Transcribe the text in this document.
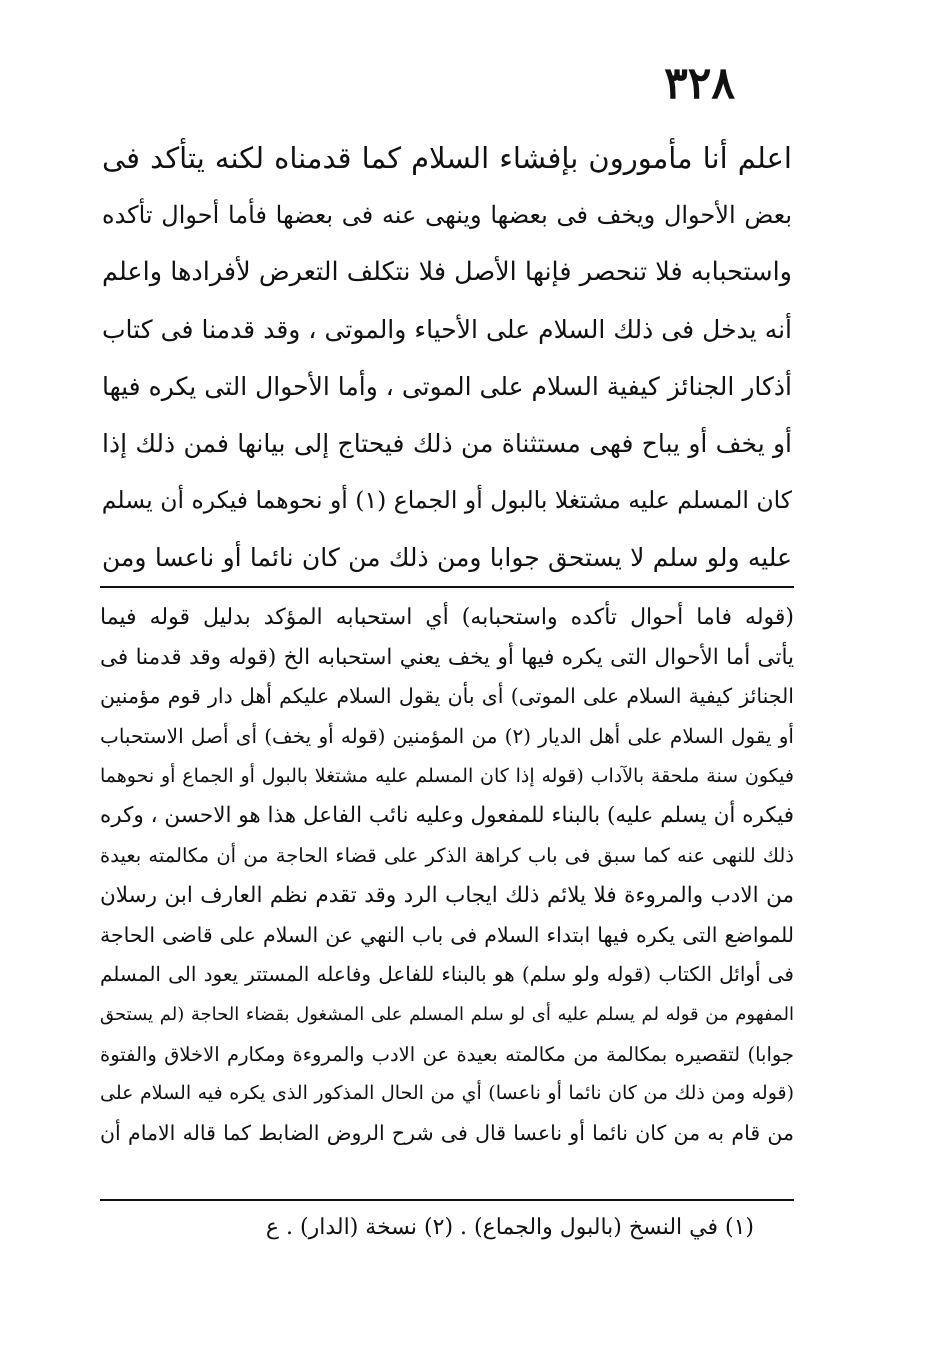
٣٢٨
اعلم أنا مأمورون بإفشاء السلام كما قدمناه لكنه يتأكد فى
بعض الأحوال ويخف فى بعضها وينهى عنه فى بعضها فأما أحوال تأكده
واستحبابه فلا تنحصر فإنها الأصل فلا نتكلف التعرض لأفرادها واعلم
أنه يدخل فى ذلك السلام على الأحياء والموتى ، وقد قدمنا فى كتاب
أذكار الجنائز كيفية السلام على الموتى ، وأما الأحوال التى يكره فيها
أو يخف أو يباح فهى مستثناة من ذلك فيحتاج إلى بيانها فمن ذلك إذا
كان المسلم عليه مشتغلا بالبول أو الجماع (١) أو نحوهما فيكره أن يسلم
عليه ولو سلم لا يستحق جوابا ومن ذلك من كان نائما أو ناعسا ومن
(قوله فاما أحوال تأكده واستحبابه) أي استحبابه المؤكد بدليل قوله فيما
يأتى أما الأحوال التى يكره فيها أو يخف يعني استحبابه الخ (قوله وقد قدمنا فى
الجنائز كيفية السلام على الموتى) أى بأن يقول السلام عليكم أهل دار قوم مؤمنين
أو يقول السلام على أهل الديار (٢) من المؤمنين (قوله أو يخف) أى أصل الاستحباب
فيكون سنة ملحقة بالآداب (قوله إذا كان المسلم عليه مشتغلا بالبول أو الجماع أو نحوهما
فيكره أن يسلم عليه) بالبناء للمفعول وعليه نائب الفاعل هذا هو الاحسن ، وكره
ذلك للنهى عنه كما سبق فى باب كراهة الذكر على قضاء الحاجة من أن مكالمته بعيدة
من الادب والمروءة فلا يلائم ذلك ايجاب الرد وقد تقدم نظم العارف ابن رسلان
للمواضع التى يكره فيها ابتداء السلام فى باب النهي عن السلام على قاضى الحاجة
فى أوائل الكتاب (قوله ولو سلم) هو بالبناء للفاعل وفاعله المستتر يعود الى المسلم
المفهوم من قوله لم يسلم عليه أى لو سلم المسلم على المشغول بقضاء الحاجة (لم يستحق
جوابا) لتقصيره بمكالمة من مكالمته بعيدة عن الادب والمروءة ومكارم الاخلاق والفتوة
(قوله ومن ذلك من كان نائما أو ناعسا) أي من الحال المذكور الذى يكره فيه السلام على
من قام به من كان نائما أو ناعسا قال فى شرح الروض الضابط كما قاله الامام أن
(١) في النسخ (بالبول والجماع) . (٢) نسخة (الدار) . ع
